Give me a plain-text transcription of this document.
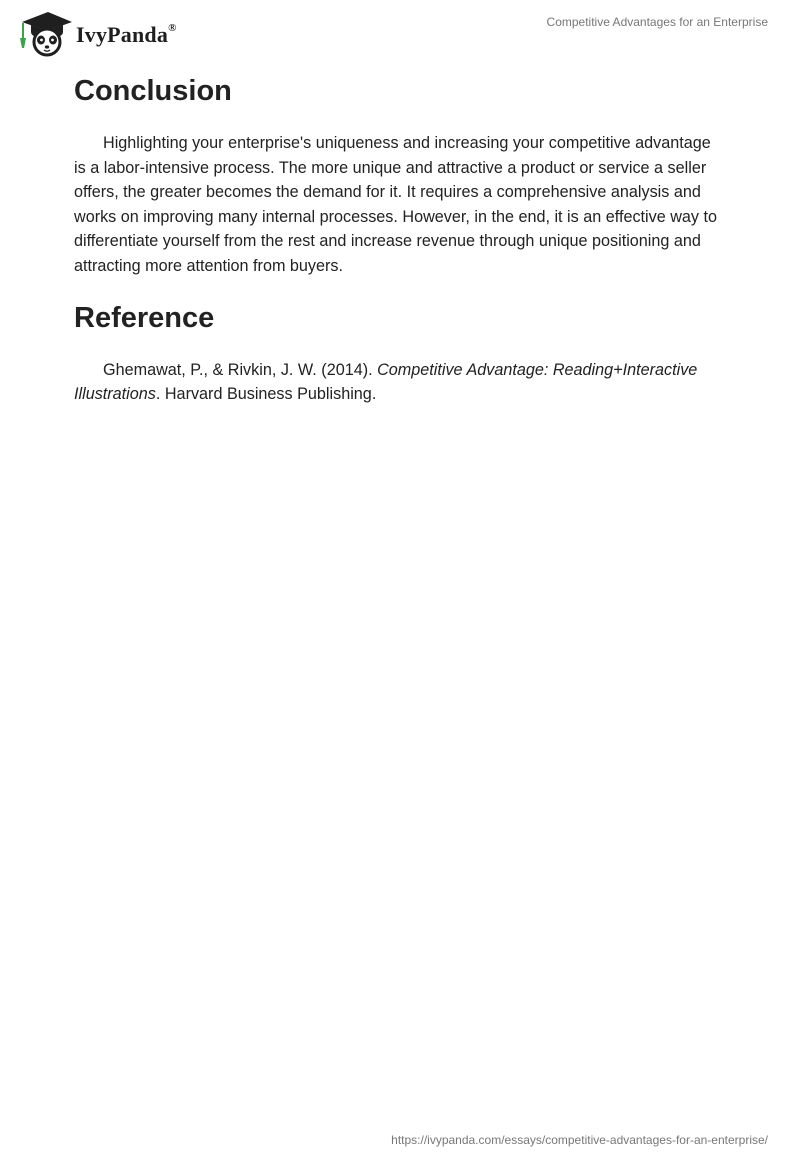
IvyPanda®	Competitive Advantages for an Enterprise
Conclusion

Highlighting your enterprise's uniqueness and increasing your competitive advantage is a labor-intensive process. The more unique and attractive a product or service a seller offers, the greater becomes the demand for it. It requires a comprehensive analysis and works on improving many internal processes. However, in the end, it is an effective way to differentiate yourself from the rest and increase revenue through unique positioning and attracting more attention from buyers.

Reference

Ghemawat, P., & Rivkin, J. W. (2014). Competitive Advantage: Reading+Interactive Illustrations. Harvard Business Publishing.

https://ivypanda.com/essays/competitive-advantages-for-an-enterprise/
